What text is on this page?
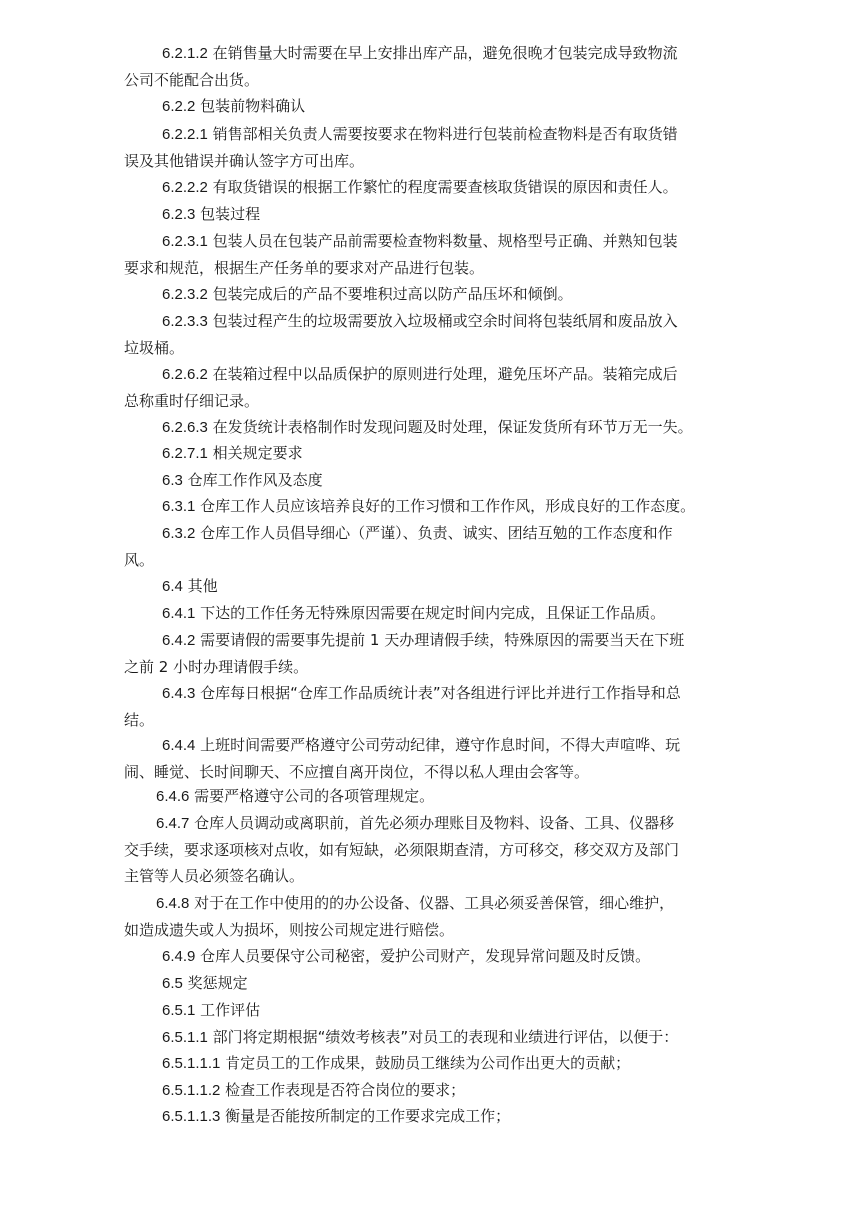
6.2.1.2 在销售量大时需要在早上安排出库产品，避免很晚才包装完成导致物流
公司不能配合出货。
6.2.2 包装前物料确认
6.2.2.1 销售部相关负责人需要按要求在物料进行包装前检查物料是否有取货错
误及其他错误并确认签字方可出库。
6.2.2.2 有取货错误的根据工作繁忙的程度需要查核取货错误的原因和责任人。
6.2.3 包装过程
6.2.3.1 包装人员在包装产品前需要检查物料数量、规格型号正确、并熟知包装
要求和规范，根据生产任务单的要求对产品进行包装。
6.2.3.2 包装完成后的产品不要堆积过高以防产品压坏和倾倒。
6.2.3.3 包装过程产生的垃圾需要放入垃圾桶或空余时间将包装纸屑和废品放入
垃圾桶。
6.2.6.2 在装箱过程中以品质保护的原则进行处理，避免压坏产品。装箱完成后
总称重时仔细记录。
6.2.6.3 在发货统计表格制作时发现问题及时处理，保证发货所有环节万无一失。
6.2.7.1 相关规定要求
6.3 仓库工作作风及态度
6.3.1 仓库工作人员应该培养良好的工作习惯和工作作风，形成良好的工作态度。
6.3.2 仓库工作人员倡导细心（严谨）、负责、诚实、团结互勉的工作态度和作
风。
6.4 其他
6.4.1 下达的工作任务无特殊原因需要在规定时间内完成，且保证工作品质。
6.4.2 需要请假的需要事先提前 1 天办理请假手续，特殊原因的需要当天在下班
之前 2 小时办理请假手续。
6.4.3 仓库每日根据“仓库工作品质统计表”对各组进行评比并进行工作指导和总
结。
6.4.4 上班时间需要严格遵守公司劳动纪律，遵守作息时间，不得大声喧哗、玩
闹、睡觉、长时间聊天、不应擅自离开岗位，不得以私人理由会客等。
6.4.6 需要严格遵守公司的各项管理规定。
6.4.7 仓库人员调动或离职前，首先必须办理账目及物料、设备、工具、仪器移
交手续，要求逐项核对点收，如有短缺，必须限期查清，方可移交，移交双方及部门
主管等人员必须签名确认。
6.4.8 对于在工作中使用的的办公设备、仪器、工具必须妥善保管，细心维护，
如造成遗失或人为损坏，则按公司规定进行赔偿。
6.4.9 仓库人员要保守公司秘密，爱护公司财产，发现异常问题及时反馈。
6.5 奖惩规定
6.5.1 工作评估
6.5.1.1 部门将定期根据“绩效考核表”对员工的表现和业绩进行评估，以便于：
6.5.1.1.1 肯定员工的工作成果，鼓励员工继续为公司作出更大的贡献；
6.5.1.1.2 检查工作表现是否符合岗位的要求；
6.5.1.1.3 衡量是否能按所制定的工作要求完成工作；
